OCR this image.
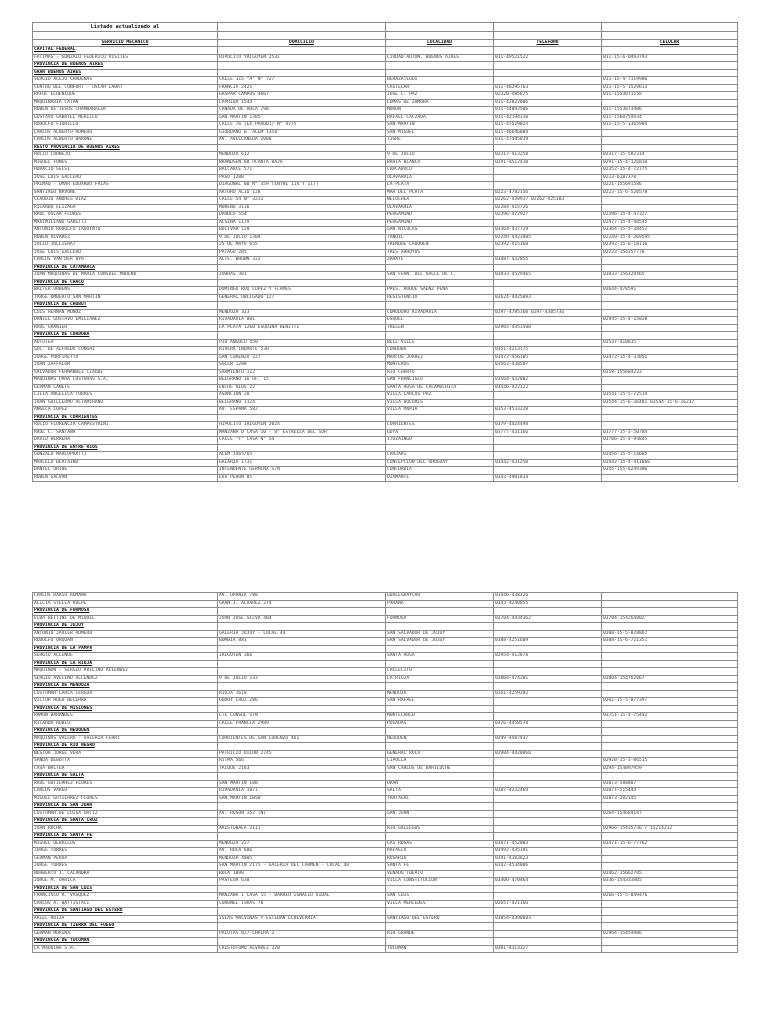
Listado actualizado al				

SERVICIO MECANICO	DOMICILIO	LOCALIDAD	TELEFONO	CELULAR
CAPITAL FEDERAL				
FATIMAS - GONZALO FEDERICO VISITES	HIPOLITO YRIGOYEN 2531	CIUDAD AUTON. BUENOS AIRES	011-49521522	011-15-6-0493793
PROVINCIA DE BUENOS AIRES				
GRAN BUENOS AIRES				
SERGIO ALEJO CARDENAS	CALLE 115 "A" N° 727	BERAZATEGUI		011-15-4-7119980
CENTRO DEL CONFORT - OSCAR LABAT	FRANCIA 2425	CASTELAR	011-46295763	011-15-5-1529613
RAFUC ECHENIQUE	GASPAR CAMPOS 4667	JOSE C. PAZ	02320-485875	011-1553871158
MAQUINARIA CATAN	LAPRIDA 1544	LOMAS DE ZAMORA	011-42822006	
RUBEN DE JESUS CHAMBARALEK	CAÑADA DE HOLA 798	MORON	011-44892506	011-1553073406
GUSTAVO GABRIEL MERILLO	SAN MARTIN 1305	RAFAEL CALZADA	011-42194310	011-1568754934
RODOLFO FIORILLO	CALLE 76 (EX PARODI) N° 4775	SAN MARTIN	011-47529023	011-15-5-1365984
CARLOS ALBERTO ROMERO	GIORDANO B. ALEM 1358	SAN MIGUEL	011-46646884	
CARLOS ALBERTO BARONE	AV. AVELLANEDA 2080	TIGRE	011-47445019	
RESTO PROVINCIA DE BUENOS AIRES				
ROCIO CORNEJO	MENDOZA 612	9 DE JULIO	02317-413258	02317-15-582314
MIGUEL FUNES	BRANDSEN 88 PLANTA BAJA	BAHIA BLANCA	0291-4512410	0291-15-4-126810
HORACIO GELSI	BALCARCE 571	CHACABUCO		02352-15-4-72775
JOSE LUIS GALLERO	PASO 1200	OLAVARRIA		0223-6187378
PRIMAQ - OMAR EDUARDO FRIAS	DIAGONAL 80 N° 359 (ENTRE 114 Y 117)	LA PLATA		0221-155691586
SANTIAGO NAVONE	ARTURO ALIO 128	MAR DEL PLATA	0223-4782156	0223-15-6-520578
CLAUDIO ANDRES DIAZ	CALLE 54 N° 3231	NECOCHEA	02262-438937 02262-425183	
RICARDO ELIZAGA	MORENO 3116	OLAVARRIA	02284-415726	
RAUL OSCAR FLORES	DARDES 554	PERGAMINO	02396-472927	02396-15-4-47327
MAXIMILIANO GARETTI	ALSINA 1179	PERGAMINO		02477-15-4-40545
ANTONIO RODOLFO IAQUINTO	BOLIVAR 120	SAN NICOLAS	03364-437729	03364-15-5-38452
RUBEN ALVAREZ	9 DE JULIO 1304	TANDIL	02249-4423405	02249-15-4-369595
JULIO JULLIERAT	25 DE MAYO 655	TRENQUE LAUQUEN	02392-415168	02392-15-6-18116
JOSE LUIS GALLERO	PATAGO 285	TRES ARROYOS		02223-156357778
CARLOS VAN DER BYR	ALTE. BROWN 322	ZARATE	03487-432055	
PROVINCIA DE CATAMARCA				
JUAN MAQUINAS DE MARIA CONSUEL MORENO	ZURRAS 381	SAN FERN. DEL VALLE DE C.	03833-4529465	03833-156329465
PROVINCIA DE CHACO				
WALTER ORBENS	DOMINGO ROQ LOPEZ Y FLAMES	PRES. ROQUE SAENZ PEÑA		03644-478591
TARGE UMBERTO SAN MARTIN	GENERAL OBLIGADO 127	RESISTENCIA	03624-4425093	
PROVINCIA DE CHUBUT				
LUIS HERNAN MUÑOZ	MENDOZA 323	COMODORO RIVADAVIA	0297-4785360 0297-4305736	
DANIEL GUSTAVO EMILIANEZ	RIVADAVIA 881	ESQUEL		02945-15-4-15820
RAUL GRANIER	LA PLATA 1260 ESQUINA BENITTI	TRELEW	02965-4353508	
PROVINCIA DE CORDOBA				
AUTOTEA	PIO ANGULO 450	BELL VILLE		03537-410835
SUC. DE ALFREDO LONGHI	RIVERA INDARTE 530	CORDOBA	0351-4213175	
JORGE PORFIRETTO	SAN LORENZO 227	MARCOS JUAREZ	03472-456105	03472-15-4-33051
JUAN ZAFFALON	SOLER 1288	MONTEROS	03562-438507	
SALVADOR FERNANDEZ CLAUDE	SARMIENTO 112	RIO CUARTO		0358-155684233
MAQUINAS PARA COSTURAS S.A.	BELGRANO 16 OF. 15	SAN FRANCISCO	03564-432802	
GERMAN CAÑETE	ENTRE RIOS 22	SANTA ROSA DE CALAMUCHITA	03546-422122	
LILIA ANGELICA TORRES	ASUNCION 20	VILLA CARLOS PAZ		03541-15-5-72519
JUAN GUILLERMO ALTAMIRANO	BELGRANO 1124	VILLA DOLORES		03544-15-6-36481 03544-15-6-16237
ANGELA LOPEZ	AV. ESPAÑA 582	VILLA MARIA	0353-4533228	
PROVINCIA DE CORRIENTES				
ROCIO FLORENCIA CAMPESTRINI	HIPOLITO IRIGOYEN 2024	CORRIENTES	0379-4424498	
RAUL C. SANTANA	MANZANA D CASA 10 - B° ESTRELLA DEL SUR	GOYA	03777-431166	03777-15-5-50784
DAVID HERRERA	CALLE "F" CASA N° 54	ITUZAINGO		03786-15-4-94845
PROVINCIA DE ENTRE RIOS				
GONZALO MARCOPRATTI	ALEM 1465/65	CHAJARI		03456-15-5-14685
MARCELO BERTAINO	GALARZA 1731	CONCEPCION DEL URUGUAY	03442-431250	03442-15-4-411066
DANIEL ORIBE	INTENDENTE GERMINA S/N	CONCORDIA		0345-155-6249306
RUBEN GALVAN	EVA PERON 85	DIAMANTE	0343-4981814	
CARLOS DARIO ROMANO	AV. URANIA 788	GUALEGUAYCHU	03446-438326	
ALICIA STELLA VOLPE	GRAN J. ALVAREZ 274	PARANA	0343-4240055	
PROVINCIA DE FORMOSA				
ELBA BETTINI DE MIQUEL	JUAN JOSE SILVA 484	FORMOSA	03704-4434362	03704-154264802
PROVINCIA DE JUJUY				
ANTONIO JAVIER ROMERO	GALERIA JUJUY - LOCAL 44	SAN SALVADOR DE JUJUY		0388-15-5-828867
RODOLFO URQUAN	BOMBIA 881	SAN SALVADOR DE JUJUY	0388-4251609	0388-15-6-721351
PROVINCIA DE LA PAMPA				
SERGIO ALLENDE	IRIGOYEN 366	SANTA ROSA	02954-412878	
PROVINCIA DE LA RIOJA				
MAQUINON - SERGIO AVELINO ALLENDEZ		CHILECITO		
SERGIO AVELINO ALLENDEZ	9 DE JULIO 133	LA RIOJA	03804-474201	03804-154762867
PROVINCIA DE MENDOZA				
COSTUMAR-CARLA CEREDA	RIOJA 1618	MENDOZA	0261-4259202	
VICTOR HUGO BECERRA	GODOY CRUZ 286	SAN RAFAEL		0261-15-5-877397
PROVINCIA DE MISIONES				
RAMON BARANDES	LTE CONSUL S/N	MONTECARLO		03751-15-4-75442
RICARDO RUBIO	CALLE FRANCIA 2989	POSADAS	0376-4458578	
PROVINCIA DE NEUQUEN				
MAQUINAS VALERO - VALERIA FERRI	CORRIENTES DE SAN LORENZO 461	NEUQUEN	0299-4487437	
PROVINCIA DE RIO NEGRO				
NESTOR JORGE VERA	PATRICIO DILON 2745	GENERAL ROCA	02984-4420066	
SANDA DEBUTTA	RITMA 566	CIPOLLA		02920-15-5-86515
CASA WALTER	TAIQUE 2183	SAN CARLOS DE BARILOCHE		0294-154897959
PROVINCIA DE SALTA				
RAUL GUTIERREZ FLORES	SAN MARTIN 108	ORAN		03873-588807
CARLOS VARGO	RIVADAVIA 1871	SALTA	0387-4232469	03871-515444
MIGUEL GUTIERREZ FLORES	SAN MARTIN 1050	TARTAGAL		03873-202145
PROVINCIA DE SAN JUAN				
COSTUMAR DE LUISA ORTIZ	AV. ROSON 152 (N)	SAN JUAN		0264-154684187
PROVINCIA DE SANTA CRUZ				
JUAN ROCHA	ARISTOBAEA 2111	RIO GALLEGOS		02966-15435736 / 15214212
PROVINCIA DE SANTA FE				
MIGUEL DEBALLOS	MENDOZA 227	LAS ROSAS	03471-452003	03471-15-6-77762
JORGE TORRES	AV. ROCA 686	RAFAELA	03492-435181	
GERMAN PERUA	MENDOZA 4805	ROSARIO	0341-4183823	
JORGE TORRES	SAN MARTIN 2175 - GALERIA DEL CARMEN - LOCAL 48	SANTA FE	0342-4534006	
NORBERTO J. CALANDRA	ROCA 1098	VENADO TUERTO		03462-15662705
JORGE M. ORRICA	PASTEUR 630	VILLA CONSTITUCION	03400-470464	0336-154333805
PROVINCIA DE SAN LUIS				
FRANCISCO R. VASQUEZ	MANZANA I CASA 15 - BARRIO IGNACIO VIDAL	SAN LUIS		0266-15-5-849476
CARLOS A. BATTISTACI	CORONEL ISKAS 78	VILLA MERCEDES	02657-421166	
PROVINCIA DE SANTIAGO DEL ESTERO				
ARIEL RUIZA	ISLAS MALVINAS Y ESTEBAN ECHEVERRIA	SANTIAGO DEL ESTERO	03854-4390603	
PROVINCIA DE TIERRA DEL FUEGO				
GERMAN MORINA	PALOTAS 827-CHACRA 2	RIO GRANDE		02964-15454906
PROVINCIA DE TUCUMAN				
LA MAQUINA S.R.	CRISTOTOMO ALVAREZ 328	TUCUMAN	0381-4313327	
